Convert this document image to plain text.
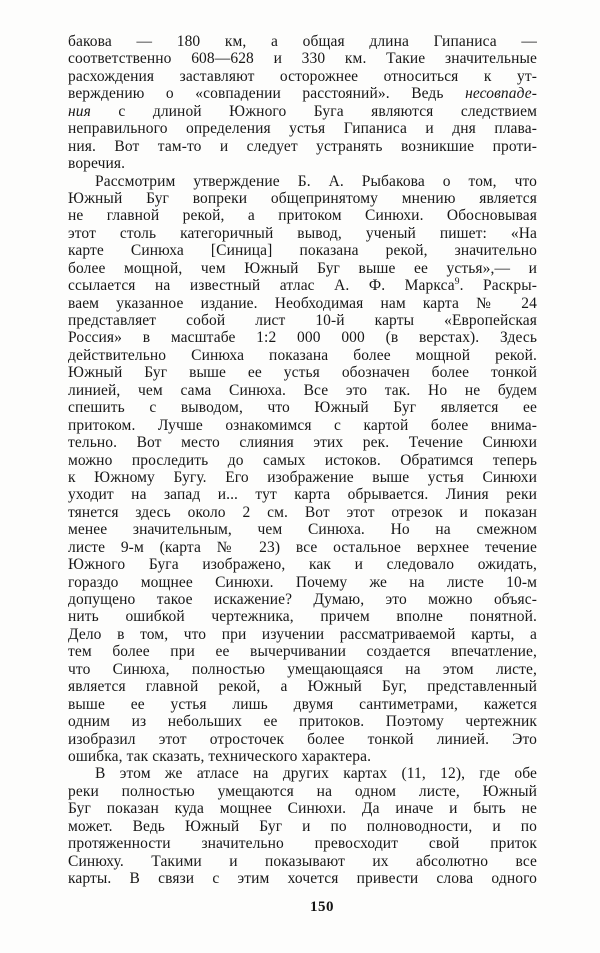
бакова — 180 км, а общая длина Гипаниса —
соответственно 608—628 и 330 км. Такие значительные
расхождения заставляют осторожнее относиться к ут-
верждению о «совпадении расстояний». Ведь несовпаде-
ния с длиной Южного Буга являются следствием
неправильного определения устья Гипаниса и дня плава-
ния. Вот там-то и следует устранять возникшие проти-
воречия.
Рассмотрим утверждение Б. А. Рыбакова о том, что
Южный Буг вопреки общепринятому мнению является
не главной рекой, а притоком Синюхи. Обосновывая
этот столь категоричный вывод, ученый пишет: «На
карте Синюха [Синица] показана рекой, значительно
более мощной, чем Южный Буг выше ее устья»,— и
ссылается на известный атлас А. Ф. Маркса$^9$. Раскры-
ваем указанное издание. Необходимая нам карта № 24
представляет собой лист 10-й карты «Европейская
Россия» в масштабе 1:2 000 000 (в верстах). Здесь
действительно Синюха показана более мощной рекой.
Южный Буг выше ее устья обозначен более тонкой
линией, чем сама Синюха. Все это так. Но не будем
спешить с выводом, что Южный Буг является ее
притоком. Лучше ознакомимся с картой более внима-
тельно. Вот место слияния этих рек. Течение Синюхи
можно проследить до самых истоков. Обратимся теперь
к Южному Бугу. Его изображение выше устья Синюхи
уходит на запад и... тут карта обрывается. Линия реки
тянется здесь около 2 см. Вот этот отрезок и показан
менее значительным, чем Синюха. Но на смежном
листе 9-м (карта № 23) все остальное верхнее течение
Южного Буга изображено, как и следовало ожидать,
гораздо мощнее Синюхи. Почему же на листе 10-м
допущено такое искажение? Думаю, это можно объяс-
нить ошибкой чертежника, причем вполне понятной.
Дело в том, что при изучении рассматриваемой карты, а
тем более при ее вычерчивании создается впечатление,
что Синюха, полностью умещающаяся на этом листе,
является главной рекой, а Южный Буг, представленный
выше ее устья лишь двумя сантиметрами, кажется
одним из небольших ее притоков. Поэтому чертежник
изобразил этот отросточек более тонкой линией. Это
ошибка, так сказать, технического характера.
В этом же атласе на других картах (11, 12), где обе
реки полностью умещаются на одном листе, Южный
Буг показан куда мощнее Синюхи. Да иначе и быть не
может. Ведь Южный Буг и по полноводности, и по
протяженности значительно превосходит свой приток
Синюху. Такими и показывают их абсолютно все
карты. В связи с этим хочется привести слова одного
150
